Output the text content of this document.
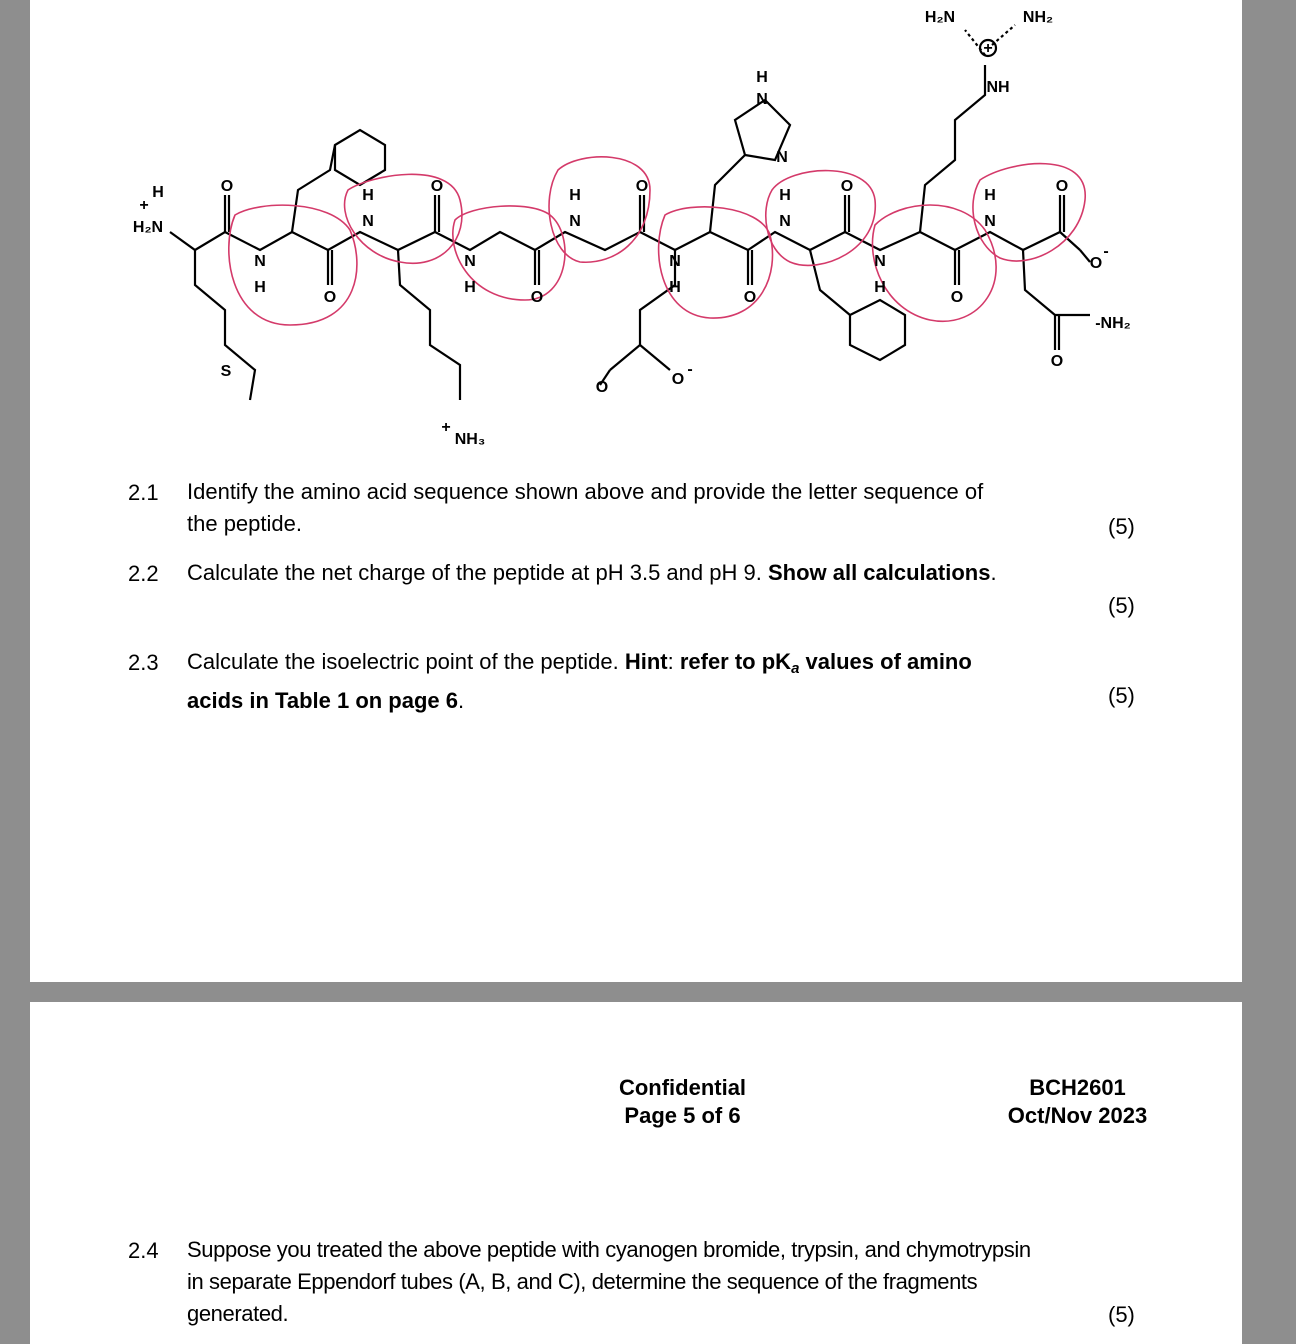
H
+
H₂N
O	O	O	O	O
O	O	O	O
N
H
N
H
N
H
N
H
H
N
H
N
H
N
H
N
S
NH₃
+
O	O
-
H
N
N
H₂N	NH₂
+
NH
O
-
-NH₂
O
2.1 Identify the amino acid sequence shown above and provide the letter sequence of
the peptide.	(5)
2.2 Calculate the net charge of the peptide at pH 3.5 and pH 9. Show all calculations.
(5)
2.3 Calculate the isoelectric point of the peptide. Hint: refer to pKa values of amino
acids in Table 1 on page 6.	(5)
Confidential
Page 5 of 6
BCH2601
Oct/Nov 2023
2.4 Suppose you treated the above peptide with cyanogen bromide, trypsin, and chymotrypsin
in separate Eppendorf tubes (A, B, and C), determine the sequence of the fragments
generated.	(5)
